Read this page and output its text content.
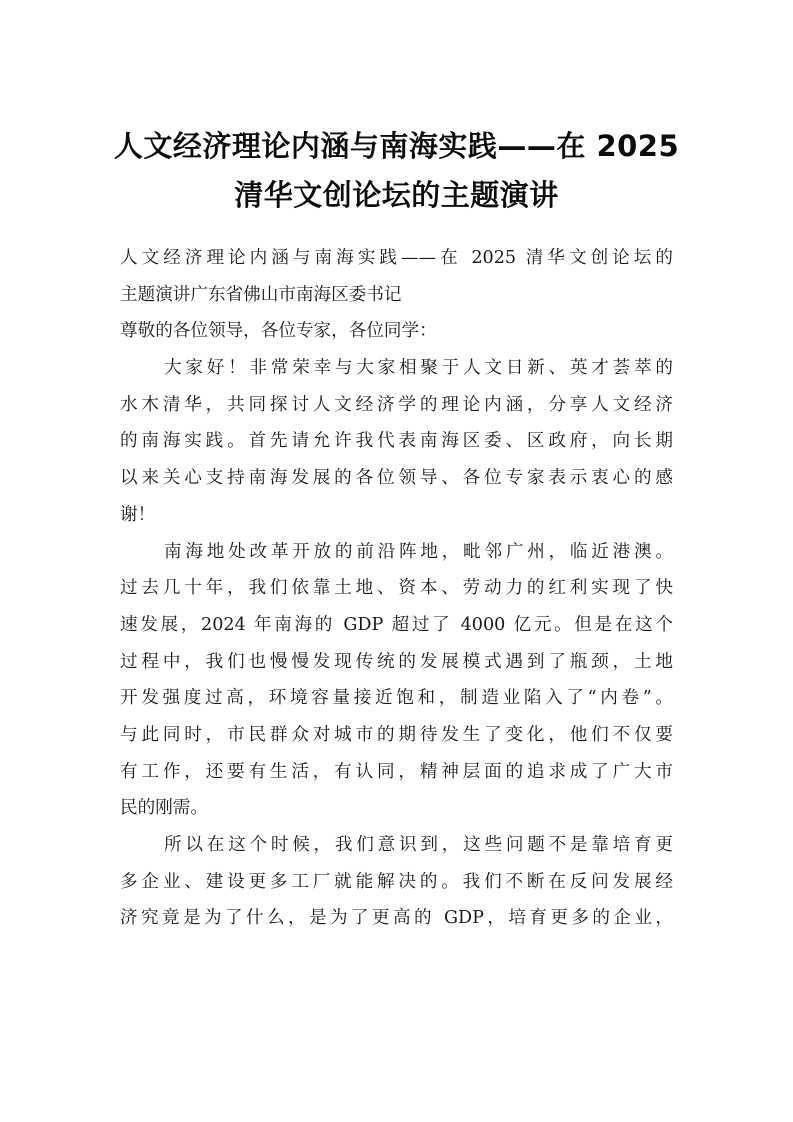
人文经济理论内涵与南海实践——在 2025
清华文创论坛的主题演讲
人文经济理论内涵与南海实践——在 2025 清华文创论坛的
主题演讲广东省佛山市南海区委书记
尊敬的各位领导，各位专家，各位同学：
大家好！非常荣幸与大家相聚于人文日新、英才荟萃的
水木清华，共同探讨人文经济学的理论内涵，分享人文经济
的南海实践。首先请允许我代表南海区委、区政府，向长期
以来关心支持南海发展的各位领导、各位专家表示衷心的感
谢！
南海地处改革开放的前沿阵地，毗邻广州，临近港澳。
过去几十年，我们依靠土地、资本、劳动力的红利实现了快
速发展，2024 年南海的 GDP 超过了 4000 亿元。但是在这个
过程中，我们也慢慢发现传统的发展模式遇到了瓶颈，土地
开发强度过高，环境容量接近饱和，制造业陷入了“内卷”。
与此同时，市民群众对城市的期待发生了变化，他们不仅要
有工作，还要有生活，有认同，精神层面的追求成了广大市
民的刚需。
所以在这个时候，我们意识到，这些问题不是靠培育更
多企业、建设更多工厂就能解决的。我们不断在反问发展经
济究竟是为了什么，是为了更高的 GDP，培育更多的企业，
